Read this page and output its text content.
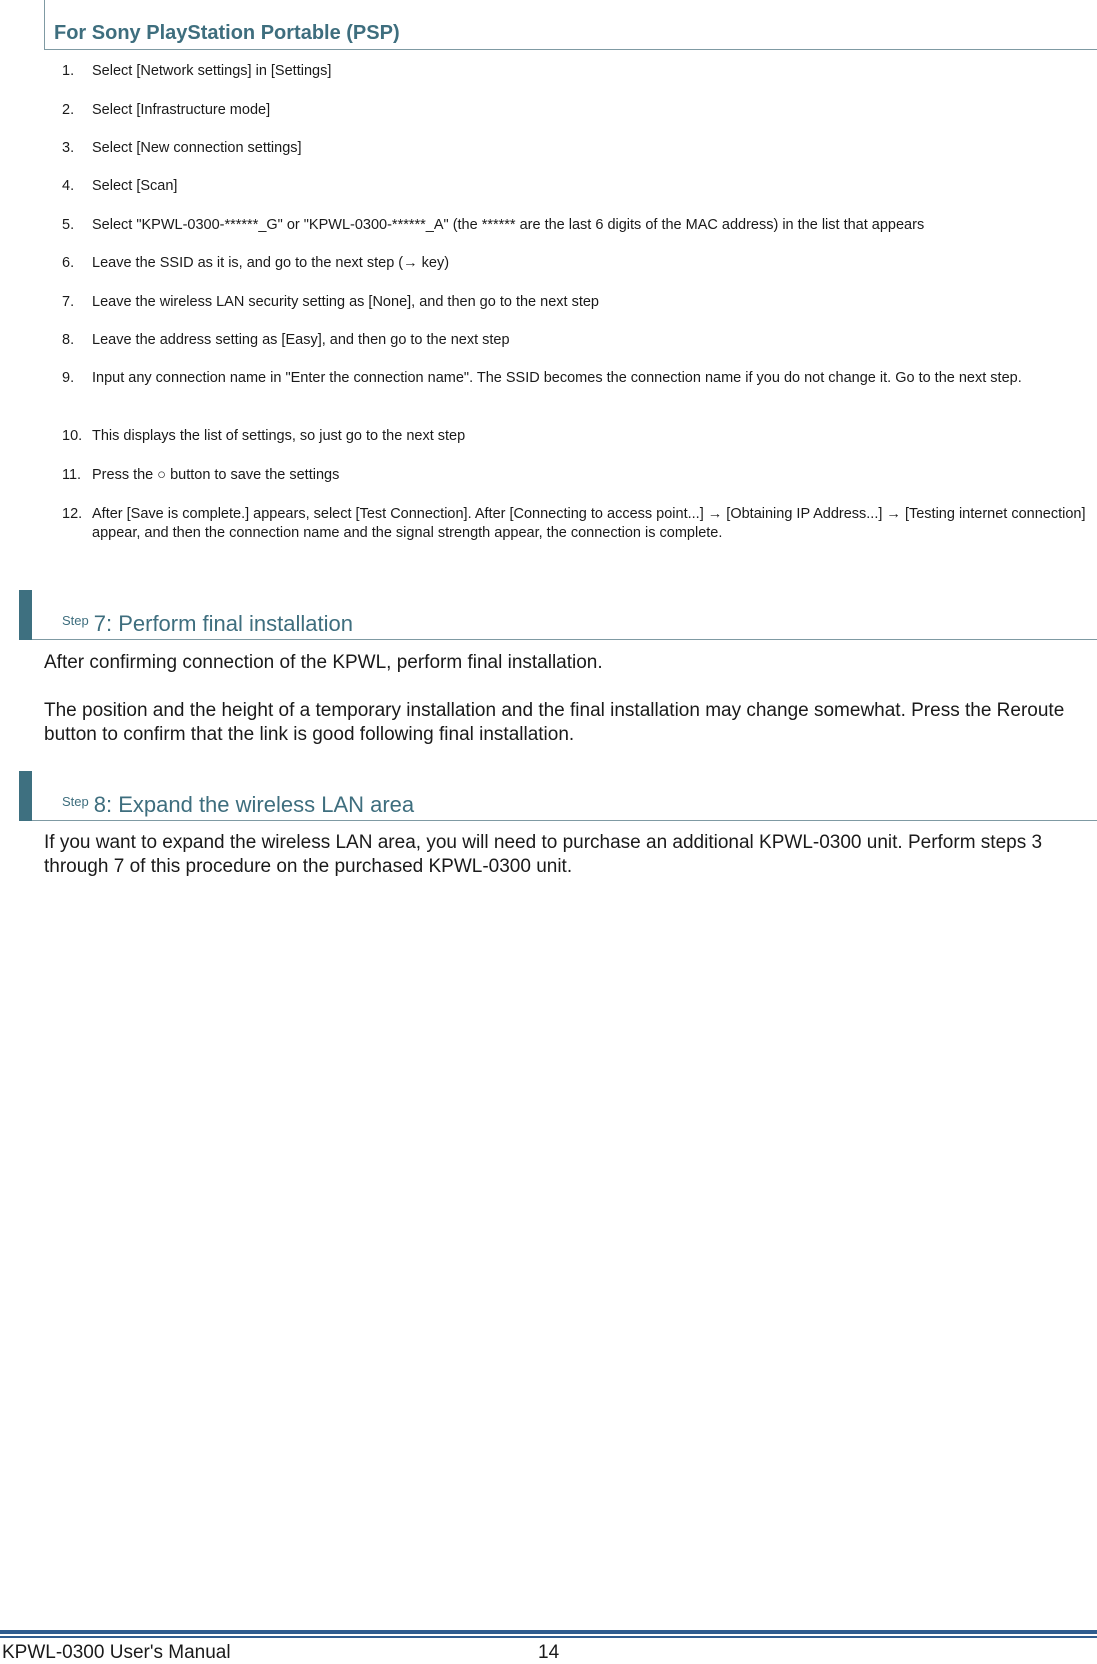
For Sony PlayStation Portable (PSP)
1.	Select [Network settings] in [Settings]
2.	Select [Infrastructure mode]
3.	Select [New connection settings]
4.	Select [Scan]
5.	Select "KPWL-0300-******_G" or "KPWL-0300-******_A" (the ****** are the last 6 digits of the MAC address) in the list that appears
6.	Leave the SSID as it is, and go to the next step (→ key)
7.	Leave the wireless LAN security setting as [None], and then go to the next step
8.	Leave the address setting as [Easy], and then go to the next step
9.	Input any connection name in "Enter the connection name". The SSID becomes the connection name if you do not change it. Go to the next step.
10. This displays the list of settings, so just go to the next step
11. Press the ○ button to save the settings
12. After [Save is complete.] appears, select [Test Connection]. After [Connecting to access point...] → [Obtaining IP Address...] → [Testing internet connection] appear, and then the connection name and the signal strength appear, the connection is complete.
$^{Step}$ 7: Perform final installation

After confirming connection of the KPWL, perform final installation.

The position and the height of a temporary installation and the final installation may change somewhat. Press the Reroute button to confirm that the link is good following final installation.

$^{Step}$ 8: Expand the wireless LAN area

If you want to expand the wireless LAN area, you will need to purchase an additional KPWL-0300 unit. Perform steps 3 through 7 of this procedure on the purchased KPWL-0300 unit.

KPWL-0300 User's Manual	14
